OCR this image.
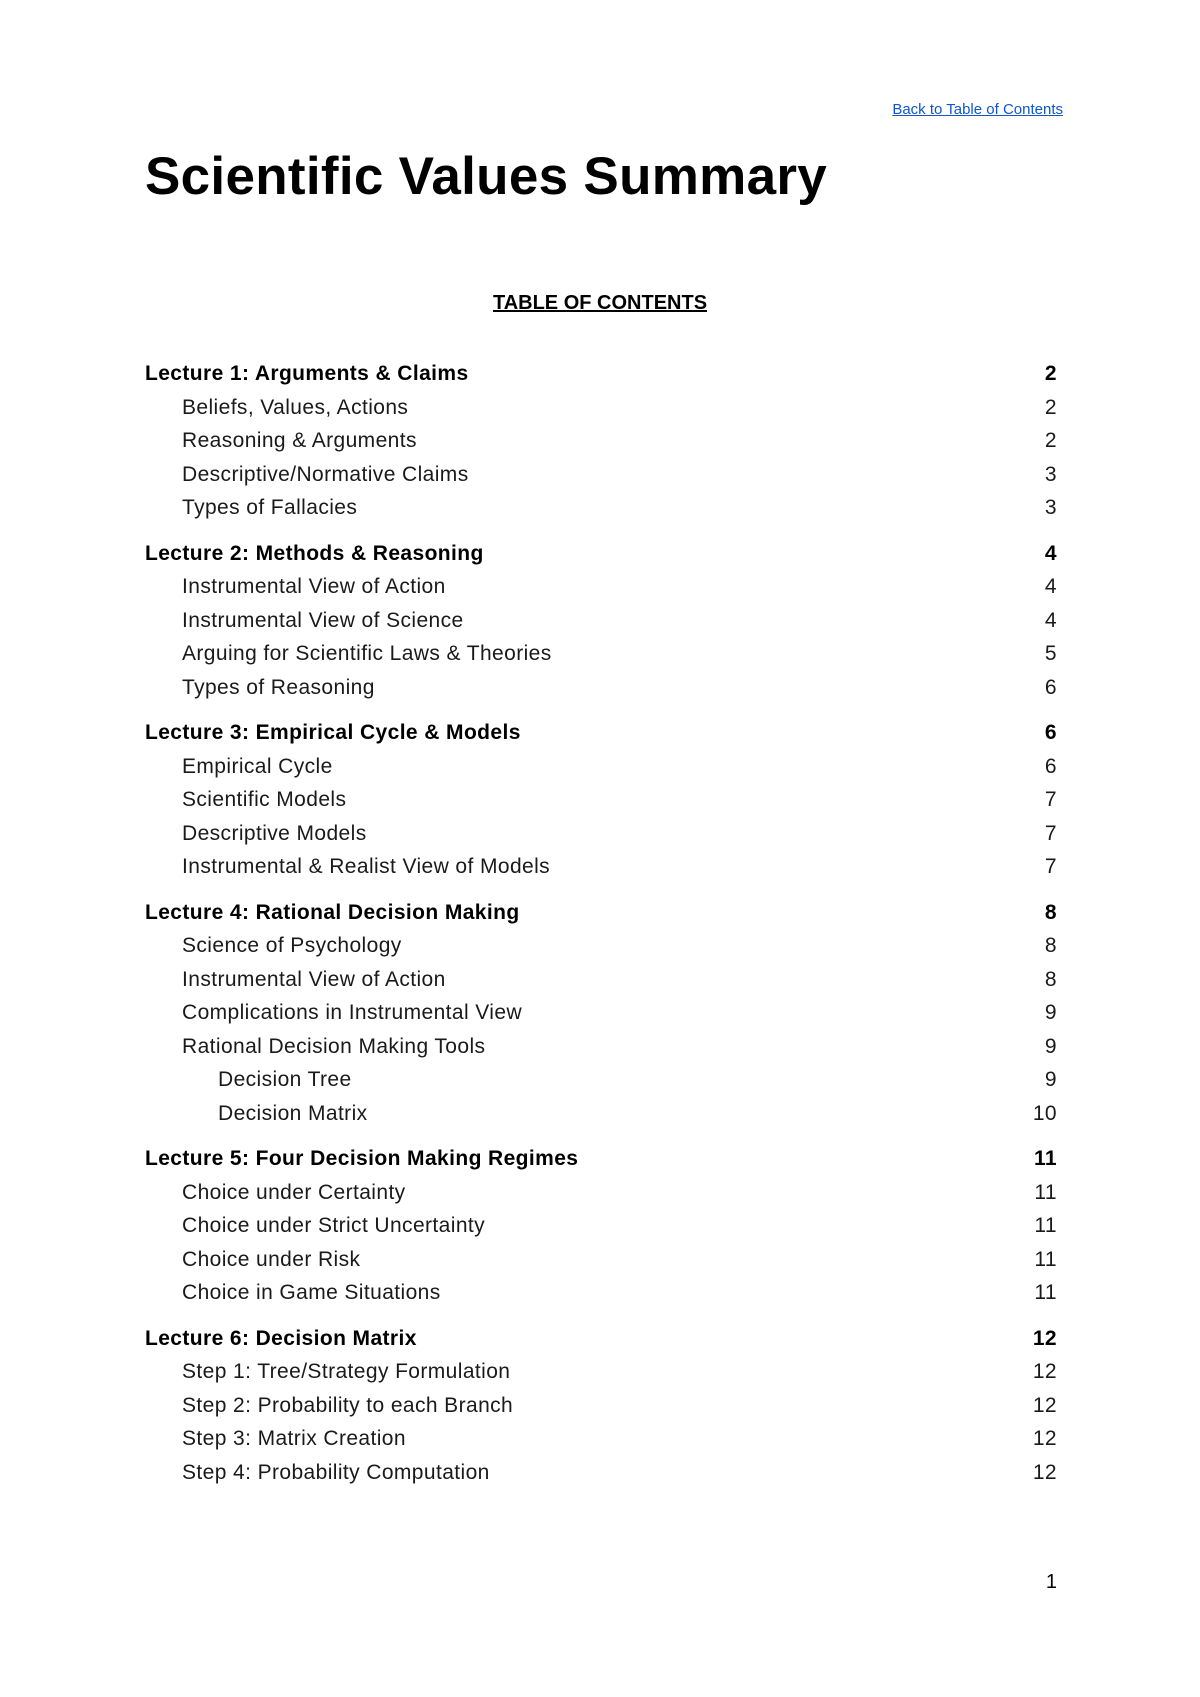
Back to Table of Contents
Scientific Values Summary
TABLE OF CONTENTS
Lecture 1: Arguments & Claims	2
Beliefs, Values, Actions	2
Reasoning & Arguments	2
Descriptive/Normative Claims	3
Types of Fallacies	3
Lecture 2: Methods & Reasoning	4
Instrumental View of Action	4
Instrumental View of Science	4
Arguing for Scientific Laws & Theories	5
Types of Reasoning	6
Lecture 3: Empirical Cycle & Models	6
Empirical Cycle	6
Scientific Models	7
Descriptive Models	7
Instrumental & Realist View of Models	7
Lecture 4: Rational Decision Making	8
Science of Psychology	8
Instrumental View of Action	8
Complications in Instrumental View	9
Rational Decision Making Tools	9
Decision Tree	9
Decision Matrix	10
Lecture 5: Four Decision Making Regimes	11
Choice under Certainty	11
Choice under Strict Uncertainty	11
Choice under Risk	11
Choice in Game Situations	11
Lecture 6: Decision Matrix	12
Step 1: Tree/Strategy Formulation	12
Step 2: Probability to each Branch	12
Step 3: Matrix Creation	12
Step 4: Probability Computation	12
1
